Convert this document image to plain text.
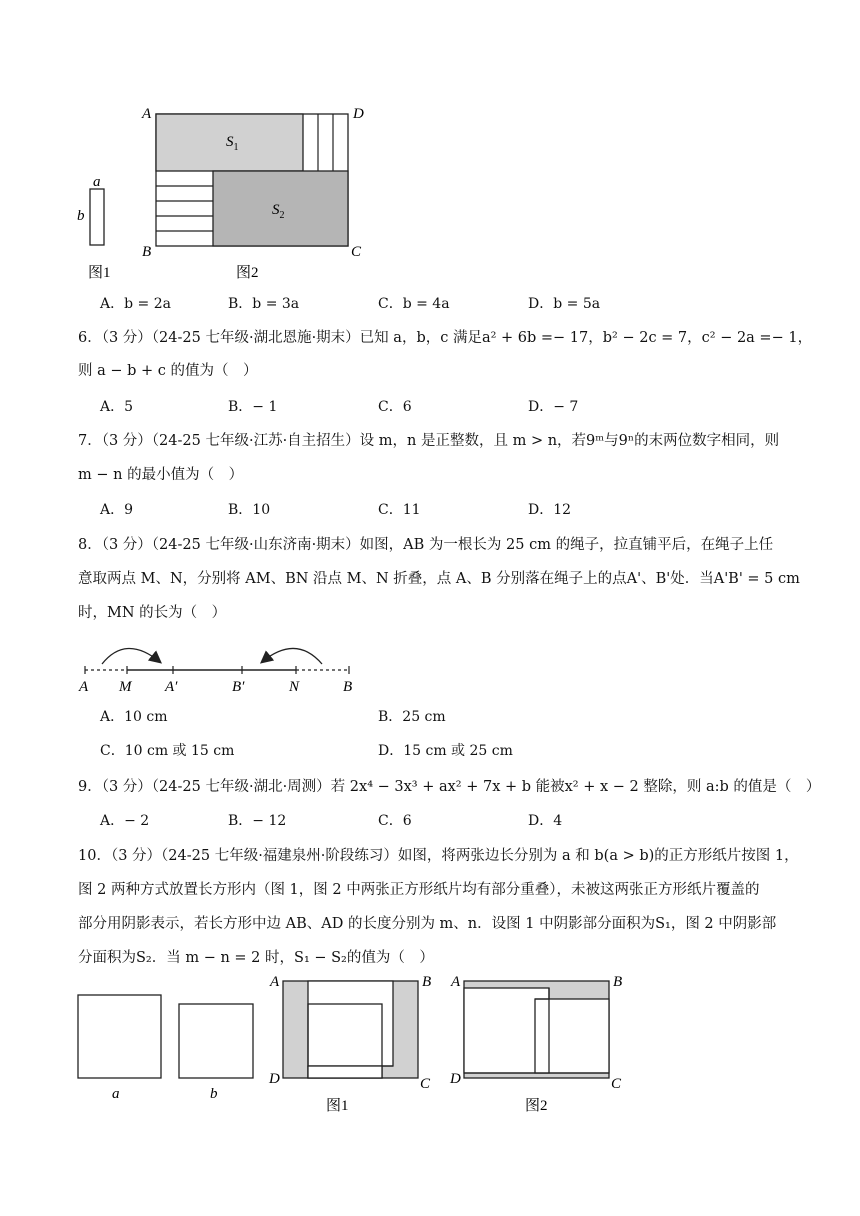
a
b
图1
A	D
B	C
$S_1$
$S_2$
图2
A．b = 2a	B．b = 3a	C．b = 4a	D．b = 5a
6．（3 分）（24-25 七年级·湖北恩施·期末）已知 a，b，c 满足a² + 6b =− 17，b² − 2c = 7，c² − 2a =− 1，
则 a − b + c 的值为（　）
A．5	B．− 1	C．6	D．− 7
7．（3 分）（24-25 七年级·江苏·自主招生）设 m，n 是正整数，且 m > n，若9ᵐ与9ⁿ的末两位数字相同，则
m − n 的最小值为（　）
A．9	B．10	C．11	D．12
8．（3 分）（24-25 七年级·山东济南·期末）如图，AB 为一根长为 25 cm 的绳子，拉直铺平后，在绳子上任
意取两点 M、N，分别将 AM、BN 沿点 M、N 折叠，点 A、B 分别落在绳子上的点A'、B'处．当A'B' = 5 cm
时，MN 的长为（　）
A M A′	B′	N	B
A．10 cm	B．25 cm
C．10 cm 或 15 cm	D．15 cm 或 25 cm
9．（3 分）（24-25 七年级·湖北·周测）若 2x⁴ − 3x³ + ax² + 7x + b 能被x² + x − 2 整除，则 a:b 的值是（　）
A．− 2	B．− 12	C．6	D．4
10．（3 分）（24-25 七年级·福建泉州·阶段练习）如图，将两张边长分别为 a 和 b(a > b)的正方形纸片按图 1，
图 2 两种方式放置长方形内（图 1，图 2 中两张正方形纸片均有部分重叠），未被这两张正方形纸片覆盖的
部分用阴影表示，若长方形中边 AB、AD 的长度分别为 m、n．设图 1 中阴影部分面积为S₁，图 2 中阴影部
分面积为S₂．当 m − n = 2 时，S₁ − S₂的值为（　）
a	b
A	B
D	C
图1
A	B
D	C
图2
